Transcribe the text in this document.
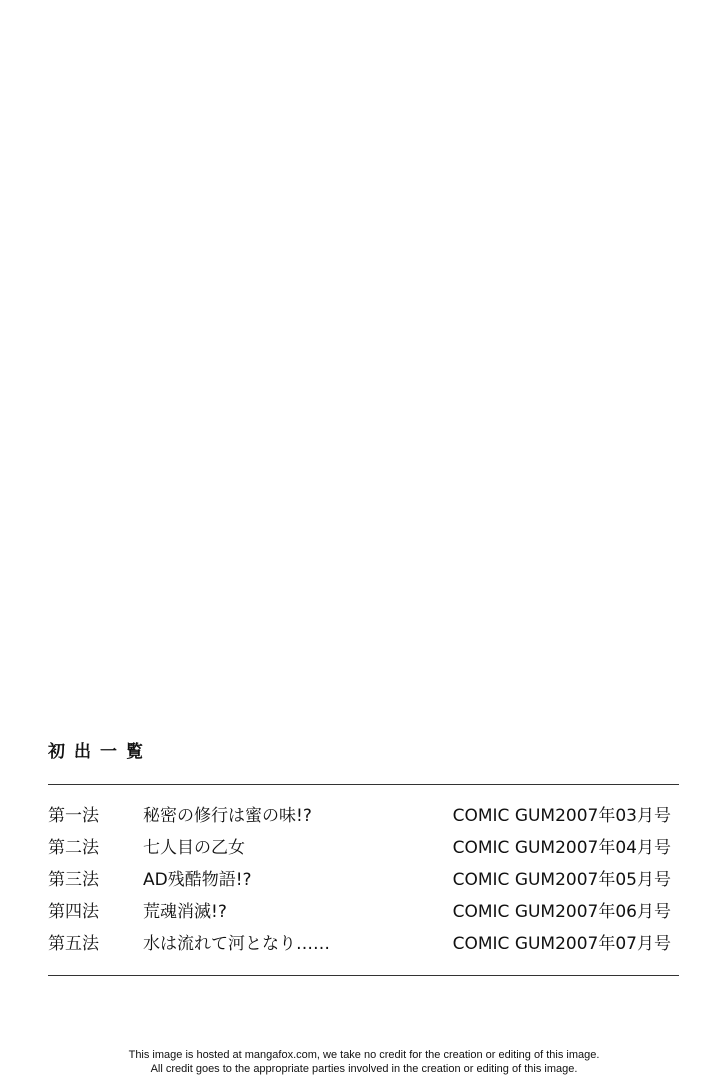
初出一覧
第一法	秘密の修行は蜜の味!?	COMIC GUM2007年03月号
第二法	七人目の乙女	COMIC GUM2007年04月号
第三法	AD残酷物語!?	COMIC GUM2007年05月号
第四法	荒魂消滅!?	COMIC GUM2007年06月号
第五法	水は流れて河となり……	COMIC GUM2007年07月号
This image is hosted at mangafox.com, we take no credit for the creation or editing of this image.
All credit goes to the appropriate parties involved in the creation or editing of this image.
